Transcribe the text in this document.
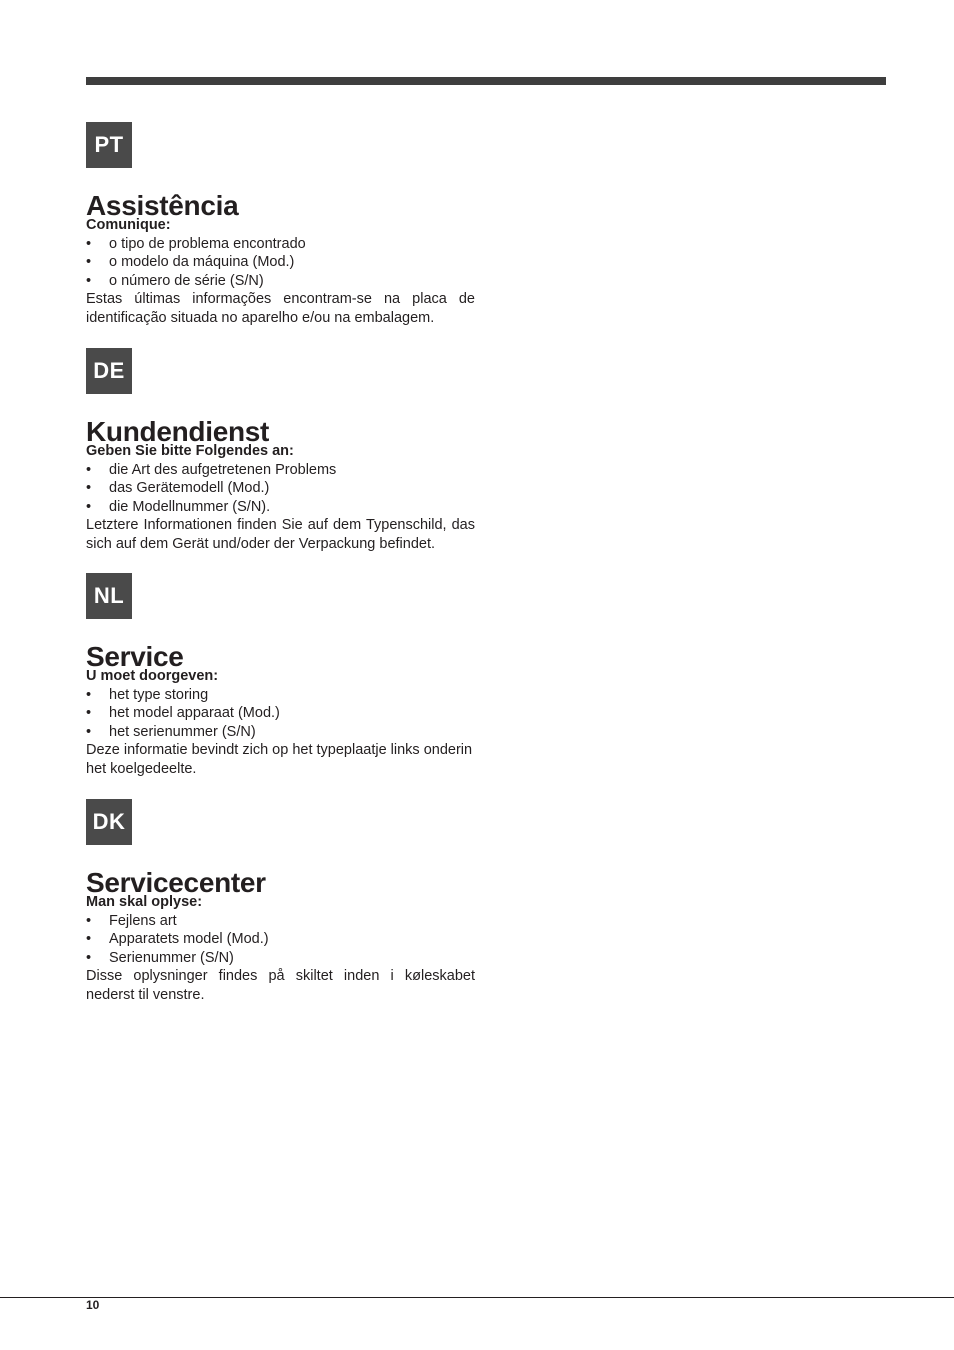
PT
Assistência
Comunique:
• o tipo de problema encontrado
• o modelo da máquina (Mod.)
• o número de série (S/N)
Estas últimas informações encontram-se na placa de identificação situada no aparelho e/ou na embalagem.
DE
Kundendienst
Geben Sie bitte Folgendes an:
• die Art des aufgetretenen Problems
• das Gerätemodell (Mod.)
• die Modellnummer (S/N).
Letztere Informationen finden Sie auf dem Typenschild, das sich auf dem Gerät und/oder der Verpackung befindet.
NL
Service
U moet doorgeven:
• het type storing
• het model apparaat (Mod.)
• het serienummer (S/N)
Deze informatie bevindt zich op het typeplaatje links onderin het koelgedeelte.
DK
Servicecenter
Man skal oplyse:
• Fejlens art
• Apparatets model (Mod.)
• Serienummer (S/N)
Disse oplysninger findes på skiltet inden i køleskabet nederst til venstre.
10
